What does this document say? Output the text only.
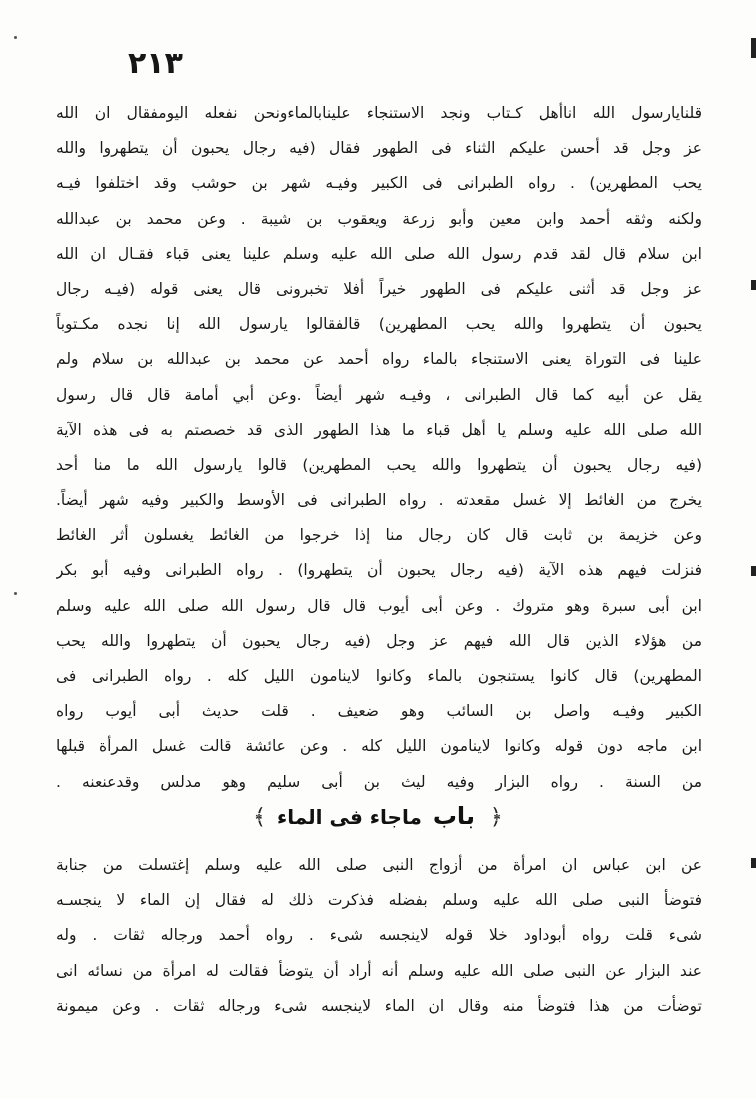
٢١٣
قلنايارسول الله اناأهل كـتاب ونجد الاستنجاء علينابالماءونحن نفعله اليومفقال ان الله
عز وجل قد أحسن عليكم الثناء فى الطهور فقال (فيه رجال يحبون أن يتطهروا والله
يحب المطهرين) . رواه الطبرانى فى الكبير وفيـه شهر بن حوشب وقد اختلفوا فيـه
ولكنه وثقه أحمد وابن معين وأبو زرعة ويعقوب بن شيبة . وعن محمد بن عبدالله
ابن سلام قال لقد قدم رسول الله صلى الله عليه وسلم علينا يعنى قباء فقـال ان الله
عز وجل قد أثنى عليكم فى الطهور خيراً أفلا تخبرونى قال يعنى قوله (فيـه رجال
يحبون أن يتطهروا والله يحب المطهرين) قالفقالوا يارسول الله إنا نجده مكـتوباً
علينا فى التوراة يعنى الاستنجاء بالماء رواه أحمد عن محمد بن عبدالله بن سلام ولم
يقل عن أبيه كما قال الطبرانى ، وفيـه شهر أيضاً .وعن أبي أمامة قال قال رسول
الله صلى الله عليه وسلم يا أهل قباء ما هذا الطهور الذى قد خصصتم به فى هذه الآية
(فيه رجال يحبون أن يتطهروا والله يحب المطهرين) قالوا يارسول الله ما منا أحد
يخرج من الغائط إلا غسل مقعدته . رواه الطبرانى فى الأوسط والكبير وفيه شهر أيضاً.
وعن خزيمة بن ثابت قال كان رجال منا إذا خرجوا من الغائط يغسلون أثر الغائط
فنزلت فيهم هذه الآية (فيه رجال يحبون أن يتطهروا) . رواه الطبرانى وفيه أبو بكر
ابن أبى سبرة وهو متروك . وعن أبى أيوب قال قال رسول الله صلى الله عليه وسلم
من هؤلاء الذين قال الله فيهم عز وجل (فيه رجال يحبون أن يتطهروا والله يحب
المطهرين) قال كانوا يستنجون بالماء وكانوا لاينامون الليل كله . رواه الطبرانى فى
الكبير وفيـه واصل بن السائب وهو ضعيف . قلت حديث أبى أيوب رواه
ابن ماجه دون قوله وكانوا لاينامون الليل كله . وعن عائشة قالت غسل المرأة قبلها
من السنة . رواه البزار وفيه ليث بن أبى سليم وهو مدلس وقدعنعنه .
﴿ باب ماجاء فى الماء ﴾
عن ابن عباس ان امرأة من أزواج النبى صلى الله عليه وسلم إغتسلت من جنابة
فتوضأ النبى صلى الله عليه وسلم بفضله فذكرت ذلك له فقال إن الماء لا ينجسـه
شىء قلت رواه أبوداود خلا قوله لاينجسه شىء . رواه أحمد ورجاله ثقات . وله
عند البزار عن النبى صلى الله عليه وسلم أنه أراد أن يتوضأ فقالت له امرأة من نسائه انى
توضأت من هذا فتوضأ منه وقال ان الماء لاينجسه شىء ورجاله ثقات . وعن ميمونة
